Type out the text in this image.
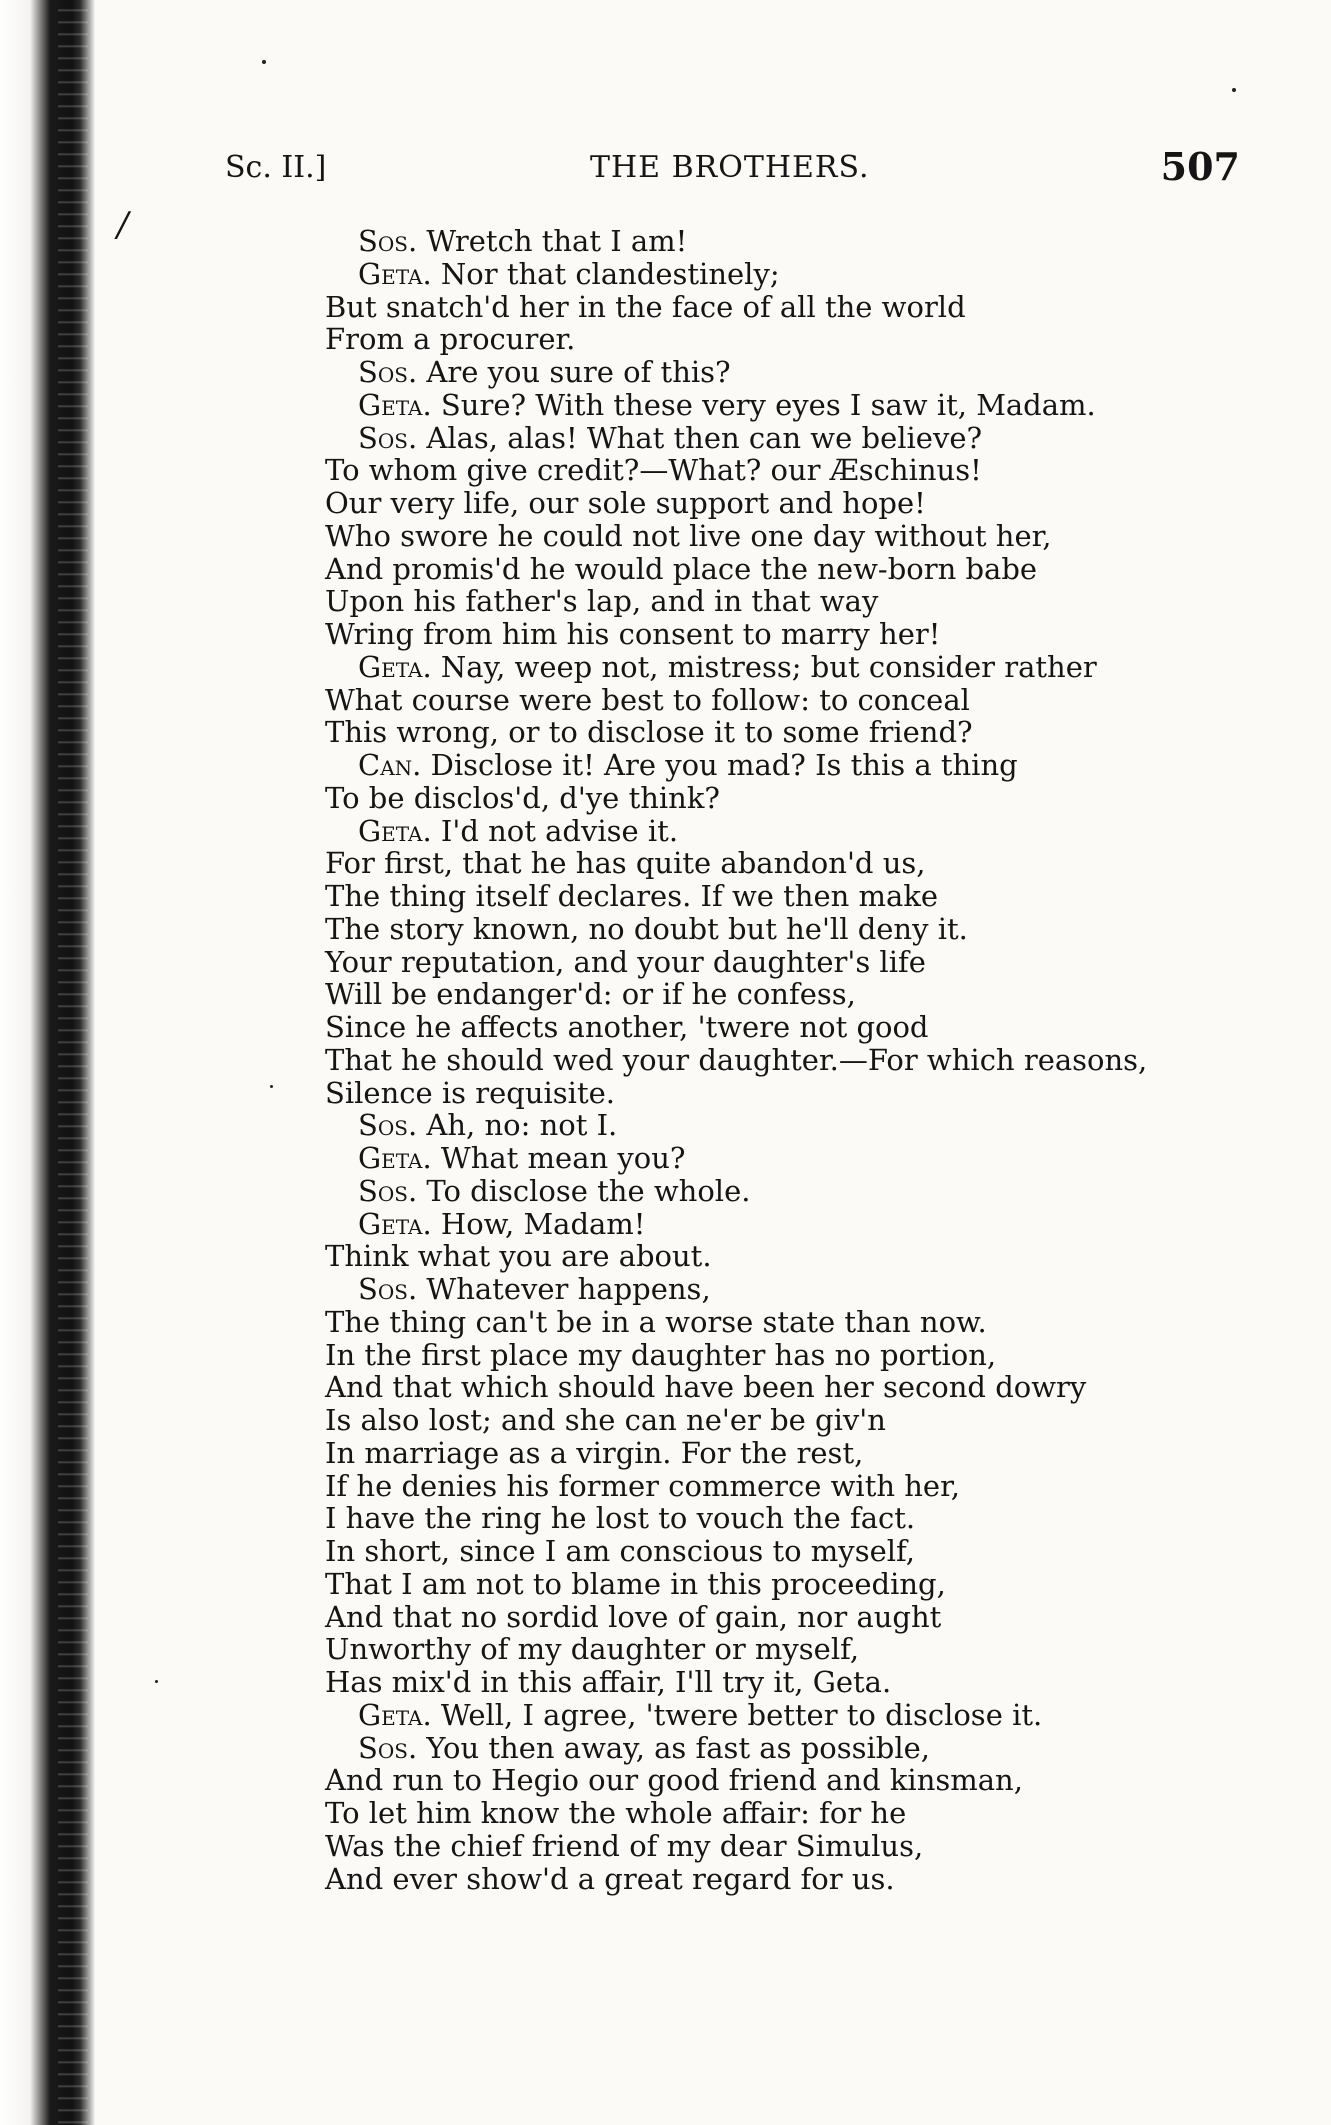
Sc. II.]	THE BROTHERS.	507
/	Sos. Wretch that I am!
Geta. Nor that clandestinely;
But snatch'd her in the face of all the world
From a procurer.
Sos. Are you sure of this?
Geta. Sure? With these very eyes I saw it, Madam.
Sos. Alas, alas! What then can we believe?
To whom give credit?—What? our Æschinus!
Our very life, our sole support and hope!
Who swore he could not live one day without her,
And promis'd he would place the new-born babe
Upon his father's lap, and in that way
Wring from him his consent to marry her!
Geta. Nay, weep not, mistress; but consider rather
What course were best to follow: to conceal
This wrong, or to disclose it to some friend?
Can. Disclose it! Are you mad? Is this a thing
To be disclos'd, d'ye think?
Geta. I'd not advise it.
For first, that he has quite abandon'd us,
The thing itself declares. If we then make
The story known, no doubt but he'll deny it.
Your reputation, and your daughter's life
Will be endanger'd: or if he confess,
Since he affects another, 'twere not good
That he should wed your daughter.—For which reasons,
Silence is requisite.
Sos. Ah, no: not I.
Geta. What mean you?
Sos. To disclose the whole.
Geta. How, Madam!
Think what you are about.
Sos. Whatever happens,
The thing can't be in a worse state than now.
In the first place my daughter has no portion,
And that which should have been her second dowry
Is also lost; and she can ne'er be giv'n
In marriage as a virgin. For the rest,
If he denies his former commerce with her,
I have the ring he lost to vouch the fact.
In short, since I am conscious to myself,
That I am not to blame in this proceeding,
And that no sordid love of gain, nor aught
Unworthy of my daughter or myself,
Has mix'd in this affair, I'll try it, Geta.
Geta. Well, I agree, 'twere better to disclose it.
Sos. You then away, as fast as possible,
And run to Hegio our good friend and kinsman,
To let him know the whole affair: for he
Was the chief friend of my dear Simulus,
And ever show'd a great regard for us.
